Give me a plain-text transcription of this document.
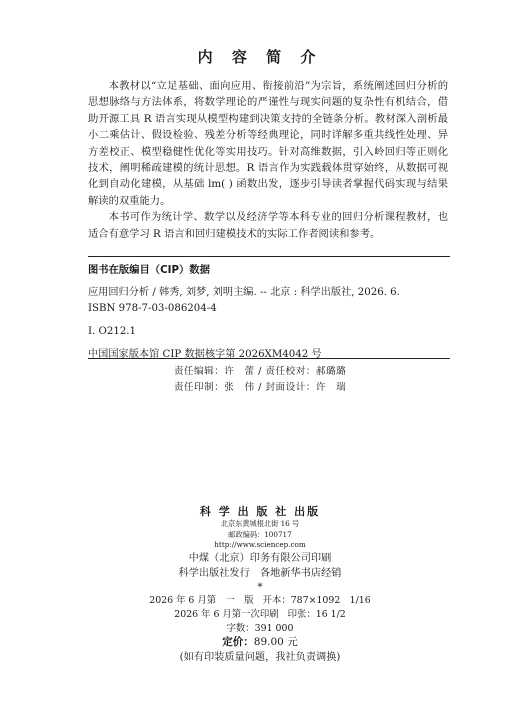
内 容 简 介

本教材以“立足基础、面向应用、衔接前沿”为宗旨，系统阐述回归分析的思想脉络与方法体系，将数学理论的严谨性与现实问题的复杂性有机结合，借助开源工具 R 语言实现从模型构建到决策支持的全链条分析。教材深入剖析最小二乘估计、假设检验、残差分析等经典理论，同时详解多重共线性处理、异方差校正、模型稳健性优化等实用技巧。针对高维数据，引入岭回归等正则化技术，阐明稀疏建模的统计思想。R 语言作为实践载体贯穿始终，从数据可视化到自动化建模，从基础 lm( ) 函数出发，逐步引导读者掌握代码实现与结果解读的双重能力。

本书可作为统计学、数学以及经济学等本科专业的回归分析课程教材，也适合有意学习 R 语言和回归建模技术的实际工作者阅读和参考。

图书在版编目（CIP）数据
应用回归分析 / 韩秀, 刘梦, 刘明主编. -- 北京 : 科学出版社, 2026. 6.
ISBN 978-7-03-086204-4
Ⅰ. O212.1
中国国家版本馆 CIP 数据核字第 2026XM4042 号
责任编辑：许　蕾 / 责任校对：郝璐璐
责任印制：张　伟 / 封面设计：许　瑞
科 学 出 版 社 出版
北京东黄城根北街 16 号
邮政编码：100717
http://www.sciencep.com
中煤（北京）印务有限公司印刷
科学出版社发行　各地新华书店经销
*
2026 年 6 月第　一　版 开本：787×1092　1/16
2026 年 6 月第一次印刷 印张：16 1/2
字数：391 000
定价：89.00 元
(如有印装质量问题，我社负责调换)
